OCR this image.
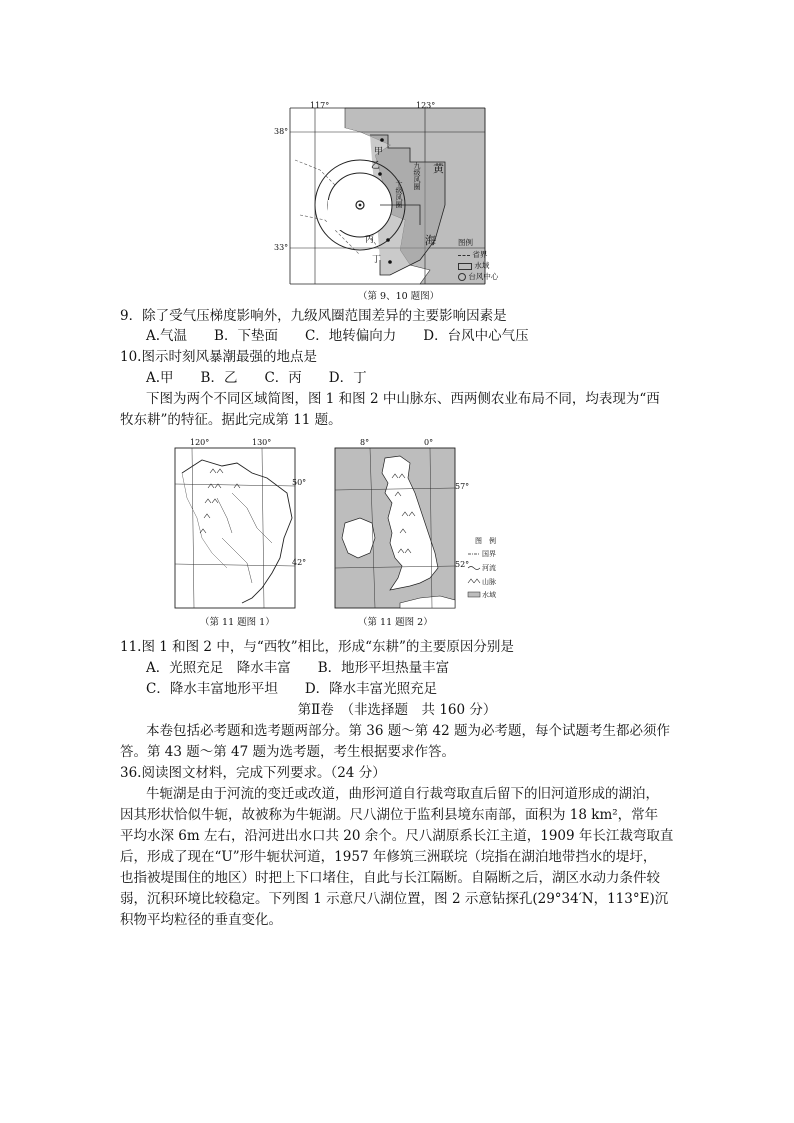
117°	123°
38°
33°
甲
乙
丙
丁
黄
海
九级风圈
十级风圈
图例
省界
水域
台风中心
（第 9、10 题图）
9．除了受气压梯度影响外，九级风圈范围差异的主要影响因素是
A.气温　　B．下垫面　　C．地转偏向力　　D．台风中心气压
10.图示时刻风暴潮最强的地点是
A.甲　　B．乙　　C．丙　　D．丁
下图为两个不同区域简图，图 1 和图 2 中山脉东、西两侧农业布局不同，均表现为“西
牧东耕”的特征。据此完成第 11 题。
120°	130°
50°
42°
（第 11 题图 1）
图　例
8°	0°
57°
52°
国界
河流
山脉
水域
（第 11 题图 2）
11.图 1 和图 2 中，与“西牧”相比，形成“东耕”的主要原因分别是
A．光照充足　降水丰富　　B．地形平坦热量丰富
C．降水丰富地形平坦　　D．降水丰富光照充足
第Ⅱ卷　（非选择题　共 160 分）
本卷包括必考题和选考题两部分。第 36 题～第 42 题为必考题，每个试题考生都必须作
答。第 43 题～第 47 题为选考题，考生根据要求作答。
36.阅读图文材料，完成下列要求。（24 分）
牛轭湖是由于河流的变迁或改道，曲形河道自行裁弯取直后留下的旧河道形成的湖泊，
因其形状恰似牛轭，故被称为牛轭湖。尺八湖位于监利县境东南部，面积为 18 km²，常年
平均水深 6m 左右，沿河进出水口共 20 余个。尺八湖原系长江主道，1909 年长江裁弯取直
后，形成了现在“U”形牛轭状河道，1957 年修筑三洲联垸（垸指在湖泊地带挡水的堤圩，
也指被堤围住的地区）时把上下口堵住，自此与长江隔断。自隔断之后，湖区水动力条件较
弱，沉积环境比较稳定。下列图 1 示意尺八湖位置，图 2 示意钻探孔(29°34′N，113°E)沉
积物平均粒径的垂直变化。
